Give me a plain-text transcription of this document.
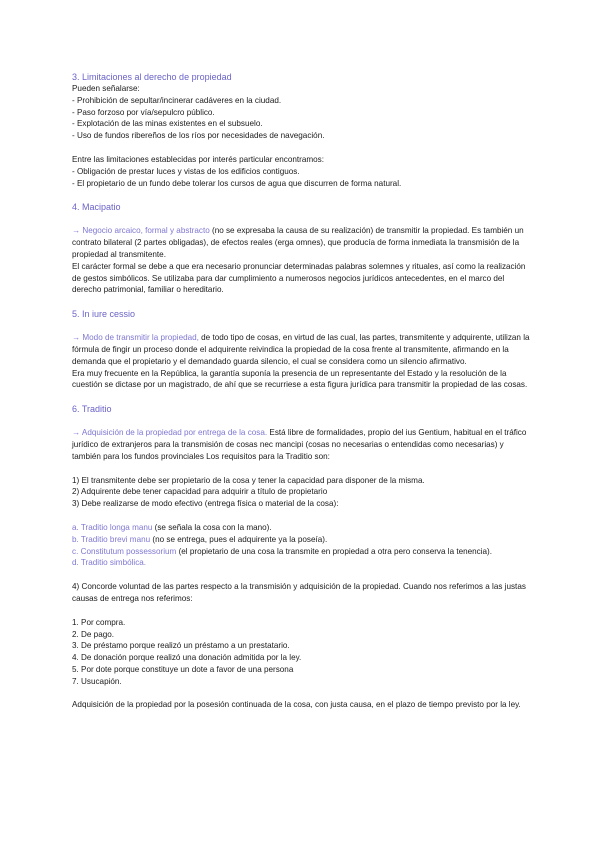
3. Limitaciones al derecho de propiedad

Pueden señalarse:

- Prohibición de sepultar/incinerar cadáveres en la ciudad.

- Paso forzoso por vía/sepulcro público.

- Explotación de las minas existentes en el subsuelo.

- Uso de fundos ribereños de los ríos por necesidades de navegación.

Entre las limitaciones establecidas por interés particular encontramos:

- Obligación de prestar luces y vistas de los edificios contiguos.

- El propietario de un fundo debe tolerar los cursos de agua que discurren de forma natural.

4. Macipatio

→ Negocio arcaico, formal y abstracto (no se expresaba la causa de su realización) de transmitir la propiedad. Es también un contrato bilateral (2 partes obligadas), de efectos reales (erga omnes), que producía de forma inmediata la transmisión de la propiedad al transmitente.

El carácter formal se debe a que era necesario pronunciar determinadas palabras solemnes y rituales, así como la realización de gestos simbólicos. Se utilizaba para dar cumplimiento a numerosos negocios jurídicos antecedentes, en el marco del derecho patrimonial, familiar o hereditario.

5. In iure cessio

→ Modo de transmitir la propiedad, de todo tipo de cosas, en virtud de las cual, las partes, transmitente y adquirente, utilizan la fórmula de fingir un proceso donde el adquirente reivindica la propiedad de la cosa frente al transmitente, afirmando en la demanda que el propietario y el demandado guarda silencio, el cual se considera como un silencio afirmativo.

Era muy frecuente en la República, la garantía suponía la presencia de un representante del Estado y la resolución de la cuestión se dictase por un magistrado, de ahí que se recurriese a esta figura jurídica para transmitir la propiedad de las cosas.

6. Traditio

→ Adquisición de la propiedad por entrega de la cosa. Está libre de formalidades, propio del ius Gentium, habitual en el tráfico jurídico de extranjeros para la transmisión de cosas nec mancipi (cosas no necesarias o entendidas como necesarias) y también para los fundos provinciales Los requisitos para la Traditio son:

1) El transmitente debe ser propietario de la cosa y tener la capacidad para disponer de la misma.

2) Adquirente debe tener capacidad para adquirir a título de propietario

3) Debe realizarse de modo efectivo (entrega física o material de la cosa):

a. Traditio longa manu (se señala la cosa con la mano).

b. Traditio brevi manu (no se entrega, pues el adquirente ya la poseía).

c. Constitutum possessorium (el propietario de una cosa la transmite en propiedad a otra pero conserva la tenencia).

d. Traditio simbólica.

4) Concorde voluntad de las partes respecto a la transmisión y adquisición de la propiedad. Cuando nos referimos a las justas causas de entrega nos referimos:

1. Por compra.

2. De pago.

3. De préstamo porque realizó un préstamo a un prestatario.

4. De donación porque realizó una donación admitida por la ley.

5. Por dote porque constituye un dote a favor de una persona

7. Usucapión.

Adquisición de la propiedad por la posesión continuada de la cosa, con justa causa, en el plazo de tiempo previsto por la ley.
